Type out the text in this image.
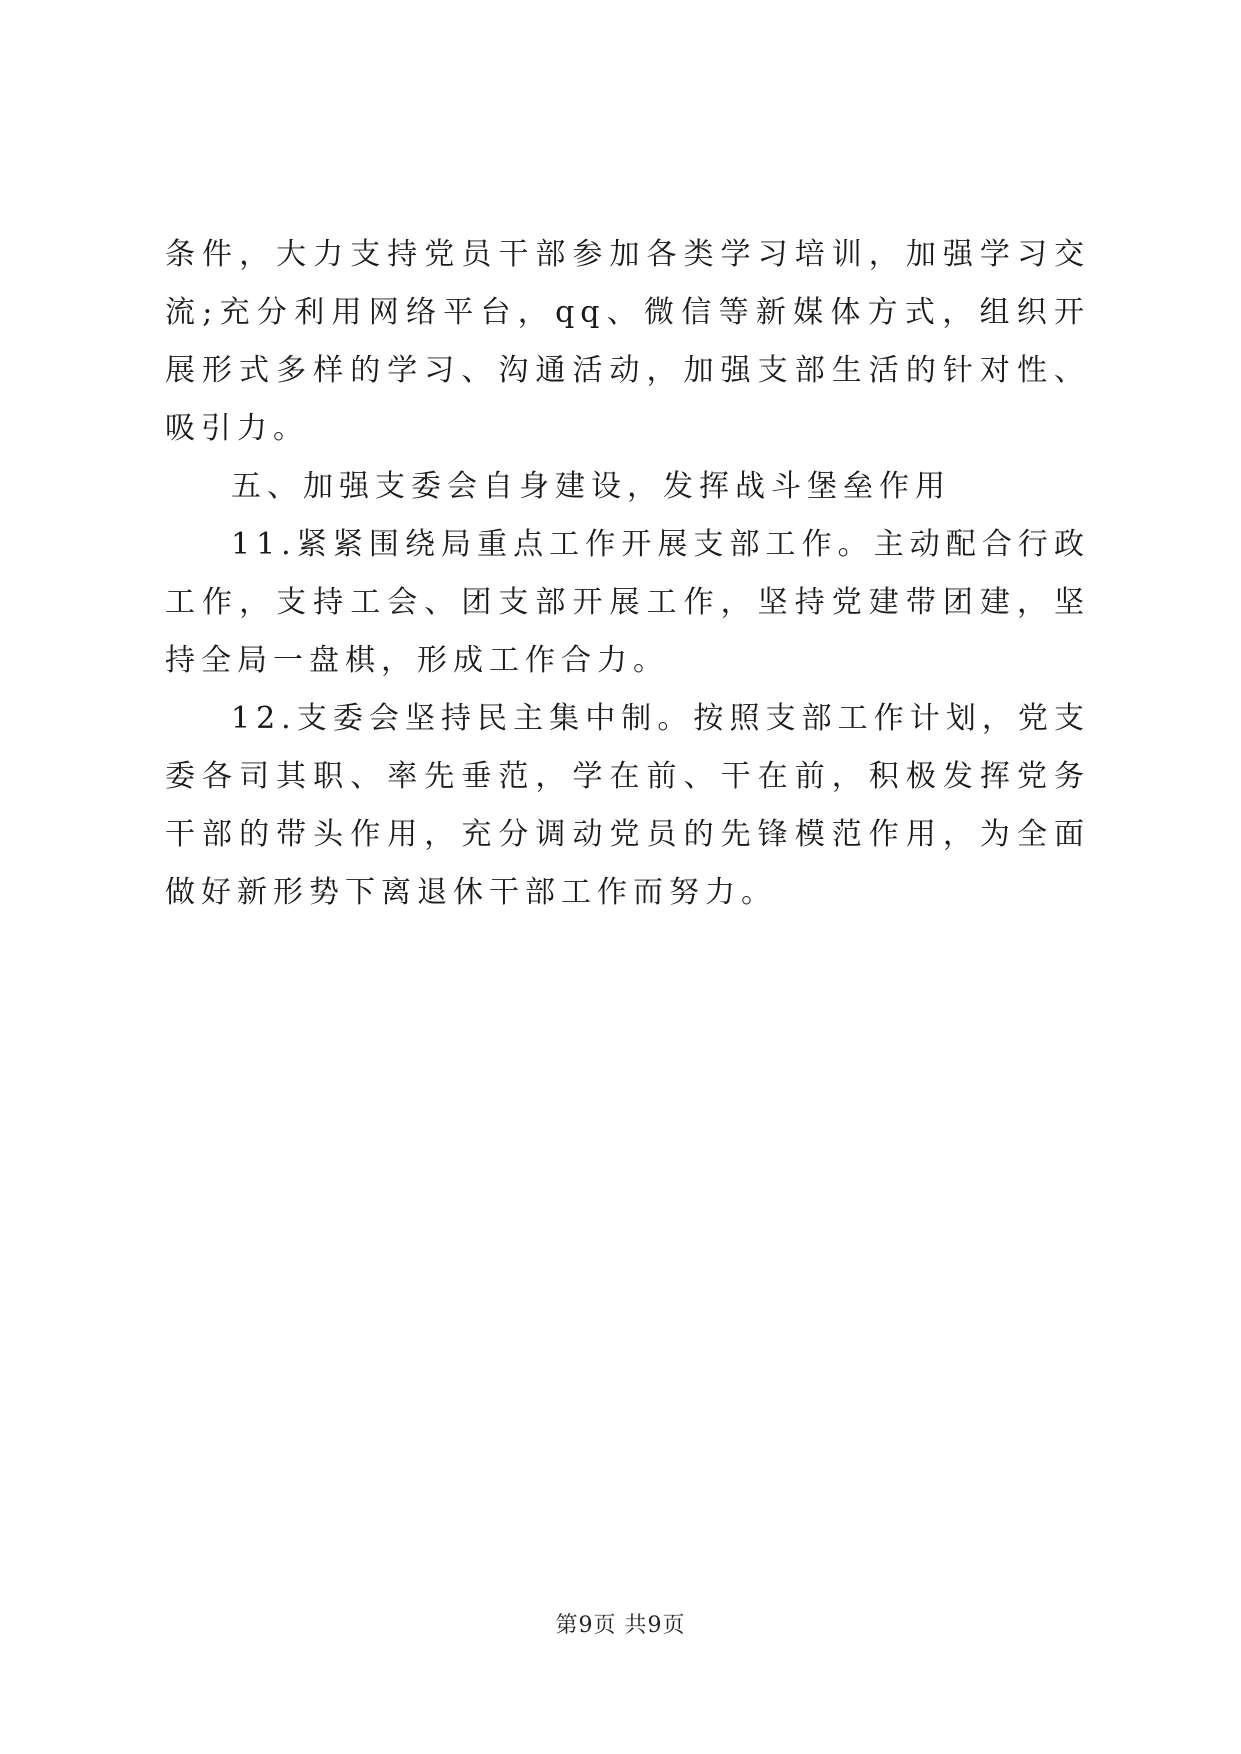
条件，大力支持党员干部参加各类学习培训，加强学习交流;充分利用网络平台，qq、微信等新媒体方式，组织开展形式多样的学习、沟通活动，加强支部生活的针对性、吸引力。

五、加强支委会自身建设，发挥战斗堡垒作用

11.紧紧围绕局重点工作开展支部工作。主动配合行政工作，支持工会、团支部开展工作，坚持党建带团建，坚持全局一盘棋，形成工作合力。

12.支委会坚持民主集中制。按照支部工作计划，党支委各司其职、率先垂范，学在前、干在前，积极发挥党务干部的带头作用，充分调动党员的先锋模范作用，为全面做好新形势下离退休干部工作而努力。

第9页 共9页
